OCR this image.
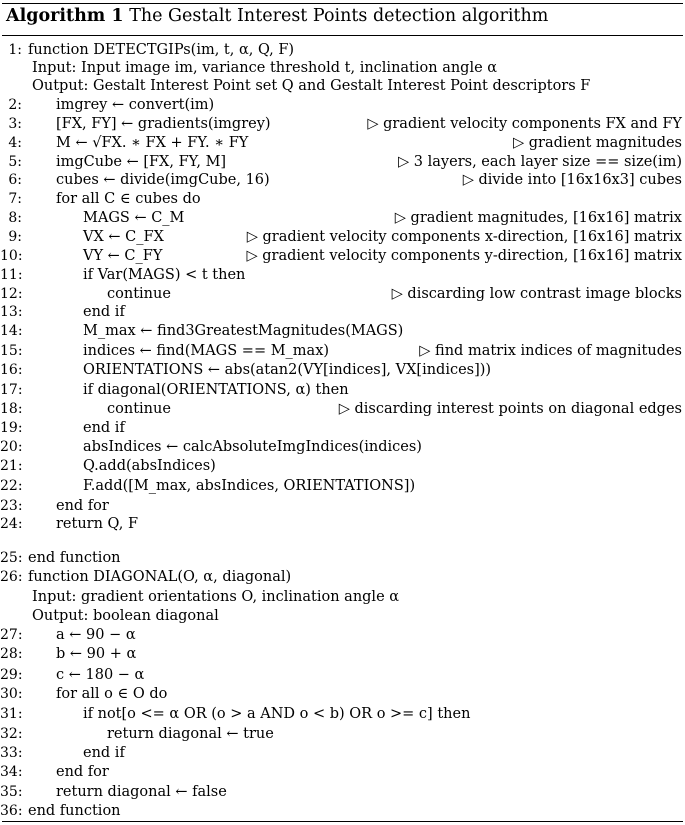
Algorithm 1 The Gestalt Interest Points detection algorithm
1: function DETECTGIPs(im, t, α, Q, F)
Input: Input image im, variance threshold t, inclination angle α
Output: Gestalt Interest Point set Q and Gestalt Interest Point descriptors F
2: imgrey ← convert(im)
3: [FX, FY] ← gradients(imgrey)	▷ gradient velocity components FX and FY
4: M ← √FX. ∗ FX + FY. ∗ FY	▷ gradient magnitudes
5: imgCube ← [FX, FY, M]	▷ 3 layers, each layer size == size(im)
6: cubes ← divide(imgCube, 16)	▷ divide into [16x16x3] cubes
7: for all C ∈ cubes do
8:	MAGS ← C_M	▷ gradient magnitudes, [16x16] matrix
9:	VX ← C_FX	▷ gradient velocity components x-direction, [16x16] matrix
10:	VY ← C_FY	▷ gradient velocity components y-direction, [16x16] matrix
11:	if Var(MAGS) < t then
12:	continue	▷ discarding low contrast image blocks
13:	end if
14:	M_max ← find3GreatestMagnitudes(MAGS)
15:	indices ← find(MAGS == M_max)	▷ find matrix indices of magnitudes
16:	ORIENTATIONS ← abs(atan2(VY[indices], VX[indices]))
17:	if diagonal(ORIENTATIONS, α) then
18:	continue	▷ discarding interest points on diagonal edges
19:	end if
20:	absIndices ← calcAbsoluteImgIndices(indices)
21:	Q.add(absIndices)
22:	F.add([M_max, absIndices, ORIENTATIONS])
23: end for
24: return Q, F
25: end function
26: function DIAGONAL(O, α, diagonal)
Input: gradient orientations O, inclination angle α
Output: boolean diagonal
27: a ← 90 − α
28: b ← 90 + α
29: c ← 180 − α
30: for all o ∈ O do
31:	if not[o <= α OR (o > a AND o < b) OR o >= c] then
32:	return diagonal ← true
33:	end if
34: end for
35: return diagonal ← false
36: end function
